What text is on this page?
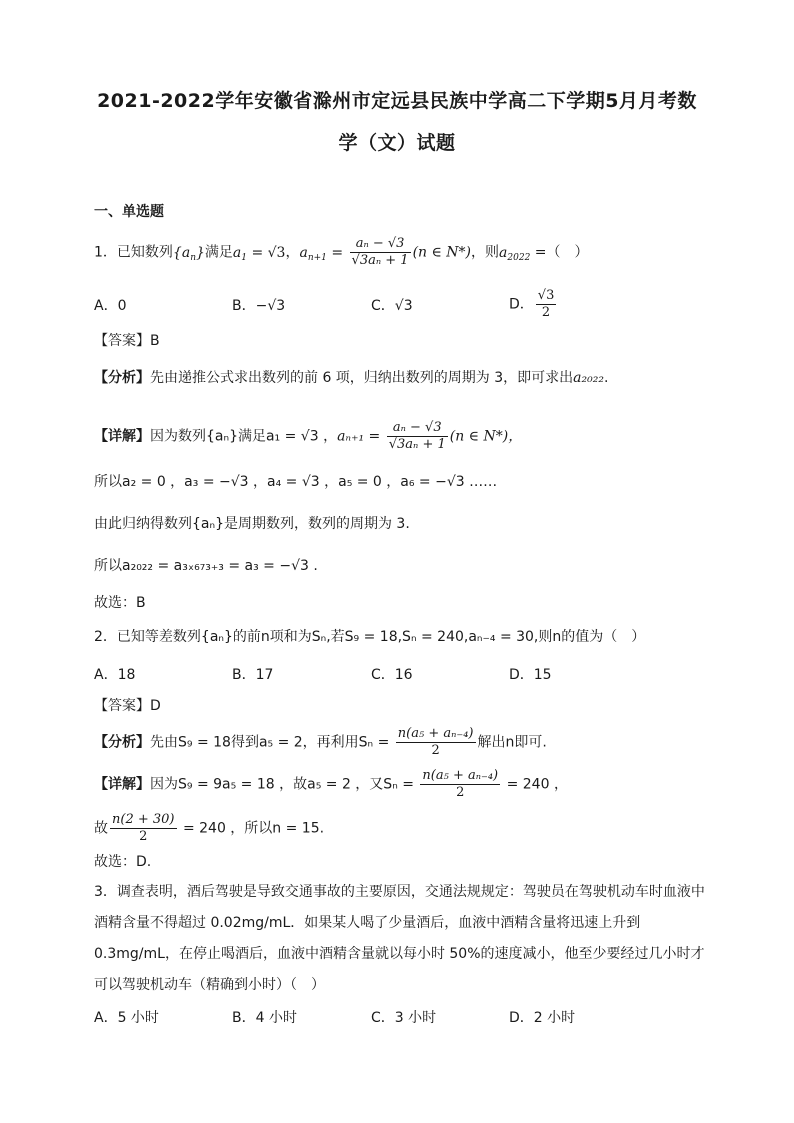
2021-2022学年安徽省滁州市定远县民族中学高二下学期5月月考数
学（文）试题
一、单选题
1．已知数列$\{a_n\}$满足$a_1 = √3$，$a_{n+1} = \frac{\text{aₙ − √3}}{\text{√3aₙ + 1}} (n$ ∈ N*)，则$a_{2022}$ =（　）
A．0	B．−√3	C．√3	D． $\frac{√3}{2}$
【答案】B
【分析】先由递推公式求出数列的前 6 项，归纳出数列的周期为 3，即可求出a₂₀₂₂.
【详解】因为数列{aₙ}满足a₁ = √3 ，$a_{n+1} = \frac{\text{aₙ − √3}}{\text{√3aₙ + 1}} (n$ ∈ N*)，
所以a₂ = 0 ，a₃ = −√3 ，a₄ = √3 ，a₅ = 0 ，a₆ = −√3 ……
由此归纳得数列{aₙ}是周期数列，数列的周期为 3.
所以a₂₀₂₂ = a₃ₓ₆₇₃₊₃ = a₃ = −√3 .
故选：B
2．已知等差数列{aₙ}的前n项和为Sₙ,若S₉ = 18,Sₙ = 240,aₙ₋₄ = 30,则n的值为（　）
A．18	B．17	C．16	D．15
【答案】D
【分析】先由S₉ = 18得到a₅ = 2，再利用$S_n = \frac{\text{n(a₅ + aₙ₋₄)}}{2}$ 解出n即可.
【详解】因为S₉ = 9a₅ = 18 ，故a₅ = 2 ，又$S_n = \frac{\text{n(a₅ + aₙ₋₄)}}{2} = 240$ ，
故 $\frac{n(2 + 30)}{2} = 240$ ，所以n = 15.
故选：D.
3．调查表明，酒后驾驶是导致交通事故的主要原因，交通法规规定：驾驶员在驾驶机动车时血液中酒精含量不得超过 0.02mg/mL．如果某人喝了少量酒后，血液中酒精含量将迅速上升到 0.3mg/mL，在停止喝酒后，血液中酒精含量就以每小时 50%的速度减小，他至少要经过几小时才可以驾驶机动车（精确到小时）（　）
A．5 小时	B．4 小时	C．3 小时	D．2 小时
